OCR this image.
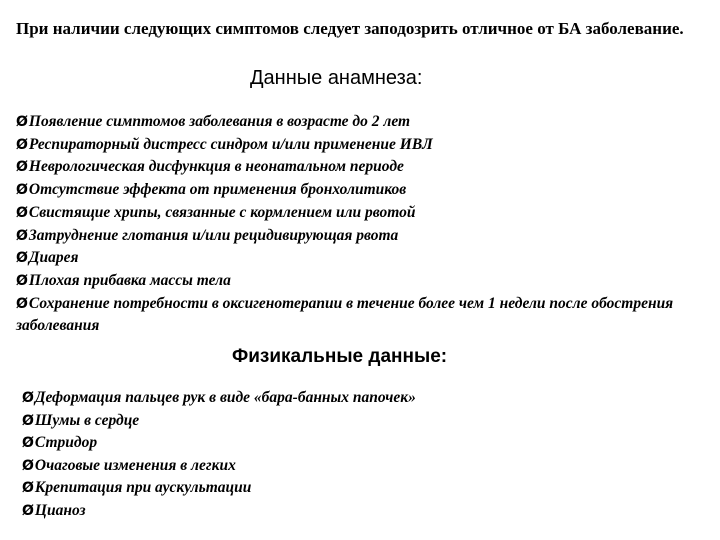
При наличии следующих симптомов следует заподозрить отличное от БА заболевание.

Данные анамнеза:
ØПоявление симптомов заболевания в возрасте до 2 лет
ØРеспираторный дистресс синдром и/или применение ИВЛ
ØНеврологическая дисфункция в неонатальном периоде
ØОтсутствие эффекта от применения бронхолитиков
ØСвистящие хрипы, связанные с кормлением или рвотой
ØЗатруднение глотания и/или рецидивирующая рвота
ØДиарея
ØПлохая прибавка массы тела
ØСохранение потребности в оксигенотерапии в течение более чем 1 недели после обострения заболевания
Физикальные данные:
ØДеформация пальцев рук в виде «бара-банных папочек»
ØШумы в сердце
ØСтридор
ØОчаговые изменения в легких
ØКрепитация при аускультации
ØЦианоз
